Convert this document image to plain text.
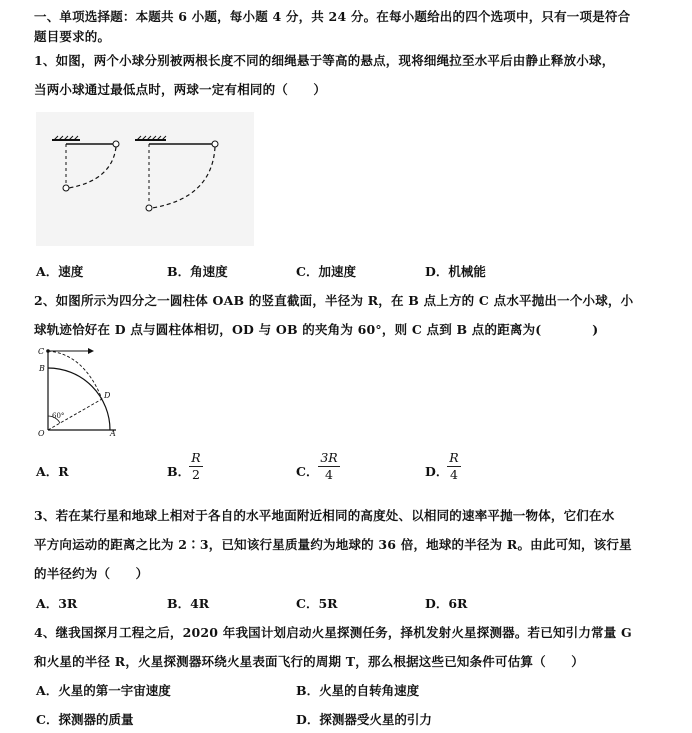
一、单项选择题：本题共 6 小题，每小题 4 分，共 24 分。在每小题给出的四个选项中，只有一项是符合
题目要求的。
1、如图，两个小球分别被两根长度不同的细绳悬于等高的悬点，现将细绳拉至水平后由静止释放小球，
当两小球通过最低点时，两球一定有相同的（　　）
A．速度	B．角速度	C．加速度	D．机械能
2、如图所示为四分之一圆柱体 OAB 的竖直截面，半径为 R，在 B 点上方的 C 点水平抛出一个小球，小
球轨迹恰好在 D 点与圆柱体相切，OD 与 OB 的夹角为 60°，则 C 点到 B 点的距离为(　　　　)
C
B
D
O	A
60°
A．R	B．
R
2	C．
3R
4	D．
R
4
3、若在某行星和地球上相对于各自的水平地面附近相同的高度处、以相同的速率平抛一物体，它们在水
平方向运动的距离之比为 2∶3，已知该行星质量约为地球的 36 倍，地球的半径为 R。由此可知，该行星
的半径约为（　　）
A．3R	B．4R	C．5R	D．6R
4、继我国探月工程之后，2020 年我国计划启动火星探测任务，择机发射火星探测器。若已知引力常量 G
和火星的半径 R，火星探测器环绕火星表面飞行的周期 T，那么根据这些已知条件可估算（　　）
A．火星的第一宇宙速度	B．火星的自转角速度
C．探测器的质量	D．探测器受火星的引力
